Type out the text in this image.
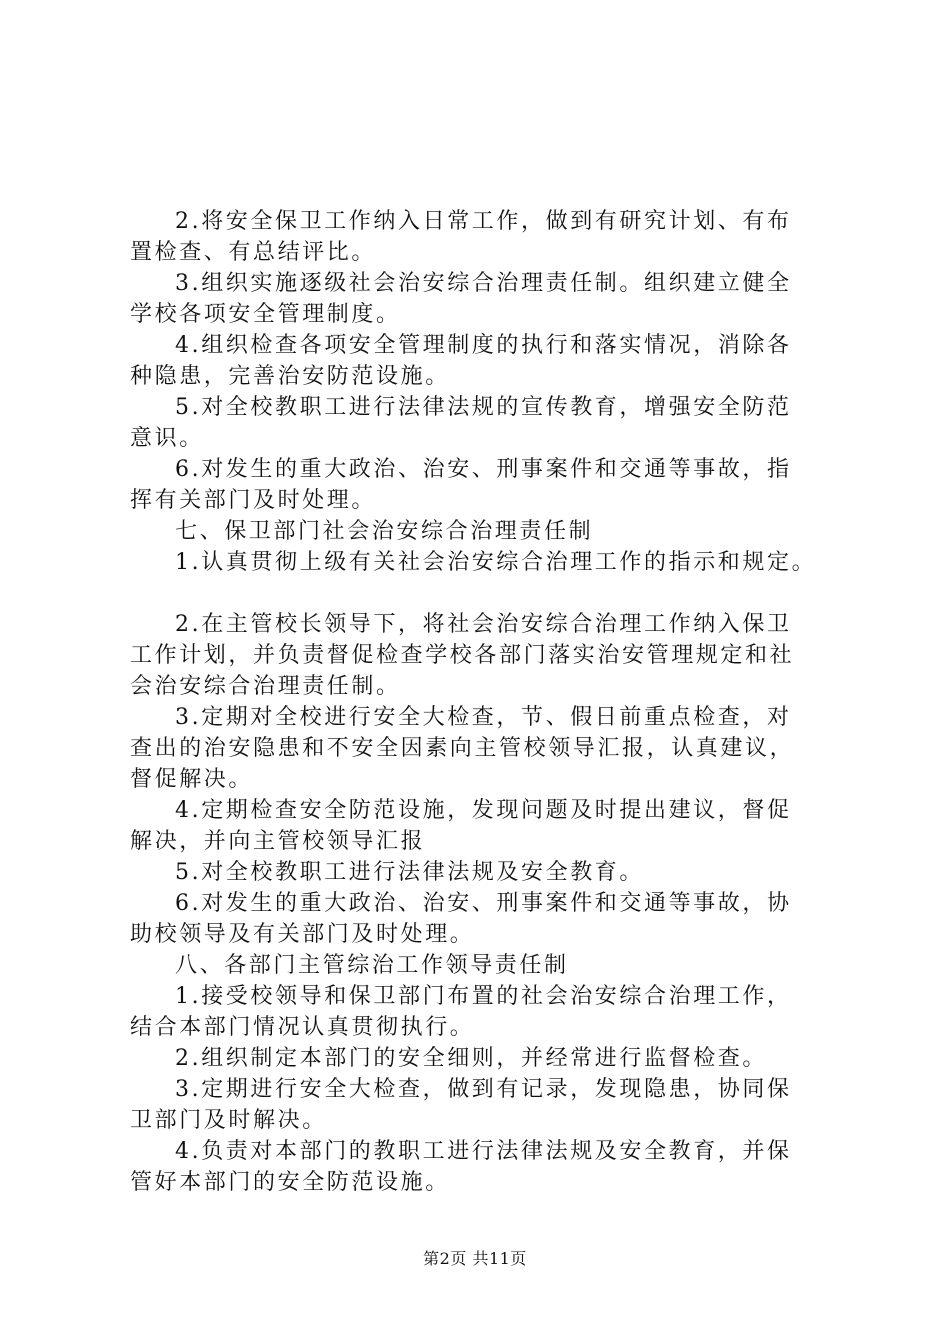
2.将安全保卫工作纳入日常工作，做到有研究计划、有布
置检查、有总结评比。
3.组织实施逐级社会治安综合治理责任制。组织建立健全
学校各项安全管理制度。
4.组织检查各项安全管理制度的执行和落实情况，消除各
种隐患，完善治安防范设施。
5.对全校教职工进行法律法规的宣传教育，增强安全防范
意识。
6.对发生的重大政治、治安、刑事案件和交通等事故，指
挥有关部门及时处理。
七、保卫部门社会治安综合治理责任制
1.认真贯彻上级有关社会治安综合治理工作的指示和规定。
2.在主管校长领导下，将社会治安综合治理工作纳入保卫
工作计划，并负责督促检查学校各部门落实治安管理规定和社
会治安综合治理责任制。
3.定期对全校进行安全大检查，节、假日前重点检查，对
查出的治安隐患和不安全因素向主管校领导汇报，认真建议，
督促解决。
4.定期检查安全防范设施，发现问题及时提出建议，督促
解决，并向主管校领导汇报
5.对全校教职工进行法律法规及安全教育。
6.对发生的重大政治、治安、刑事案件和交通等事故，协
助校领导及有关部门及时处理。
八、各部门主管综治工作领导责任制
1.接受校领导和保卫部门布置的社会治安综合治理工作，
结合本部门情况认真贯彻执行。
2.组织制定本部门的安全细则，并经常进行监督检查。
3.定期进行安全大检查，做到有记录，发现隐患，协同保
卫部门及时解决。
4.负责对本部门的教职工进行法律法规及安全教育，并保
管好本部门的安全防范设施。
第2页 共11页
